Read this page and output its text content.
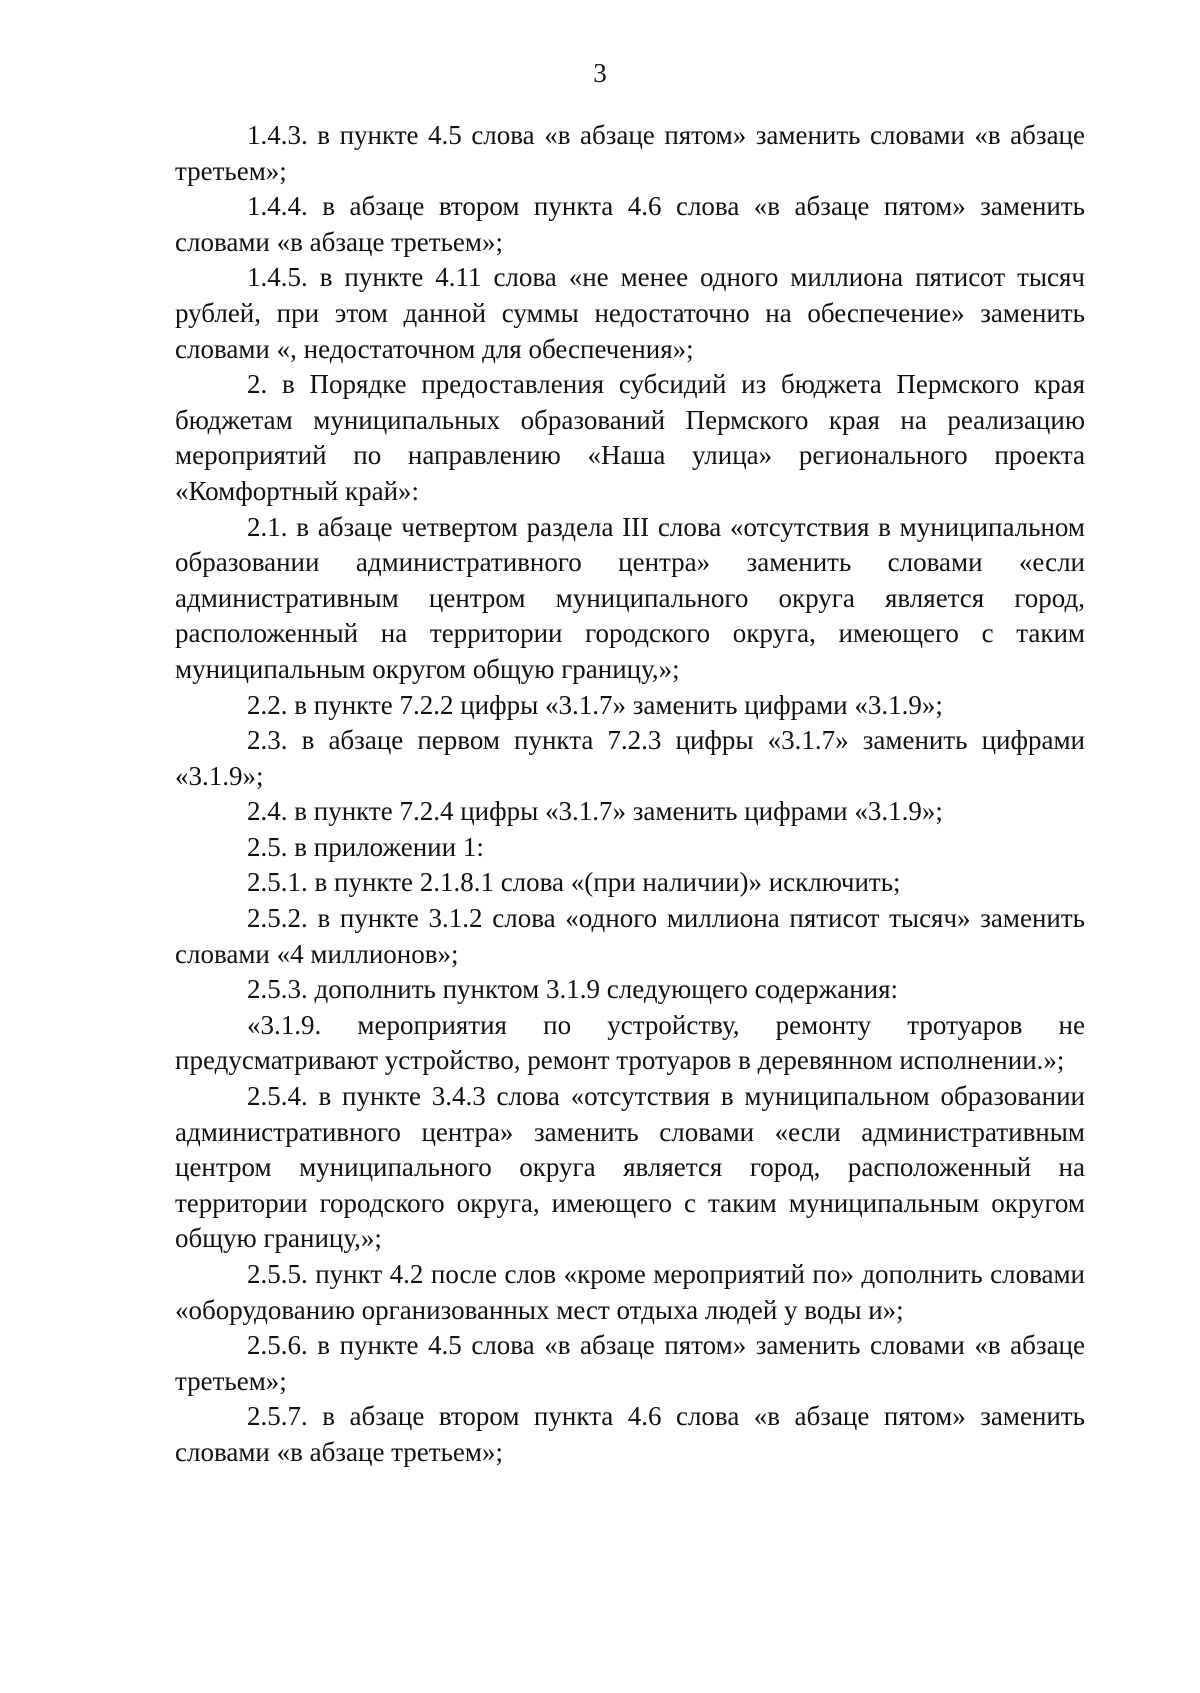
3

1.4.3. в пункте 4.5 слова «в абзаце пятом» заменить словами «в абзаце третьем»;

1.4.4. в абзаце втором пункта 4.6 слова «в абзаце пятом» заменить словами «в абзаце третьем»;

1.4.5. в пункте 4.11 слова «не менее одного миллиона пятисот тысяч рублей, при этом данной суммы недостаточно на обеспечение» заменить словами «, недостаточном для обеспечения»;

2. в Порядке предоставления субсидий из бюджета Пермского края бюджетам муниципальных образований Пермского края на реализацию мероприятий по направлению «Наша улица» регионального проекта «Комфортный край»:

2.1. в абзаце четвертом раздела III слова «отсутствия в муниципальном образовании административного центра» заменить словами «если административным центром муниципального округа является город, расположенный на территории городского округа, имеющего с таким муниципальным округом общую границу,»;

2.2. в пункте 7.2.2 цифры «3.1.7» заменить цифрами «3.1.9»;

2.3. в абзаце первом пункта 7.2.3 цифры «3.1.7» заменить цифрами «3.1.9»;

2.4. в пункте 7.2.4 цифры «3.1.7» заменить цифрами «3.1.9»;

2.5. в приложении 1:

2.5.1. в пункте 2.1.8.1 слова «(при наличии)» исключить;

2.5.2. в пункте 3.1.2 слова «одного миллиона пятисот тысяч» заменить словами «4 миллионов»;

2.5.3. дополнить пунктом 3.1.9 следующего содержания:

«3.1.9. мероприятия по устройству, ремонту тротуаров не предусматривают устройство, ремонт тротуаров в деревянном исполнении.»;

2.5.4. в пункте 3.4.3 слова «отсутствия в муниципальном образовании административного центра» заменить словами «если административным центром муниципального округа является город, расположенный на территории городского округа, имеющего с таким муниципальным округом общую границу,»;

2.5.5. пункт 4.2 после слов «кроме мероприятий по» дополнить словами «оборудованию организованных мест отдыха людей у воды и»;

2.5.6. в пункте 4.5 слова «в абзаце пятом» заменить словами «в абзаце третьем»;

2.5.7. в абзаце втором пункта 4.6 слова «в абзаце пятом» заменить словами «в абзаце третьем»;
